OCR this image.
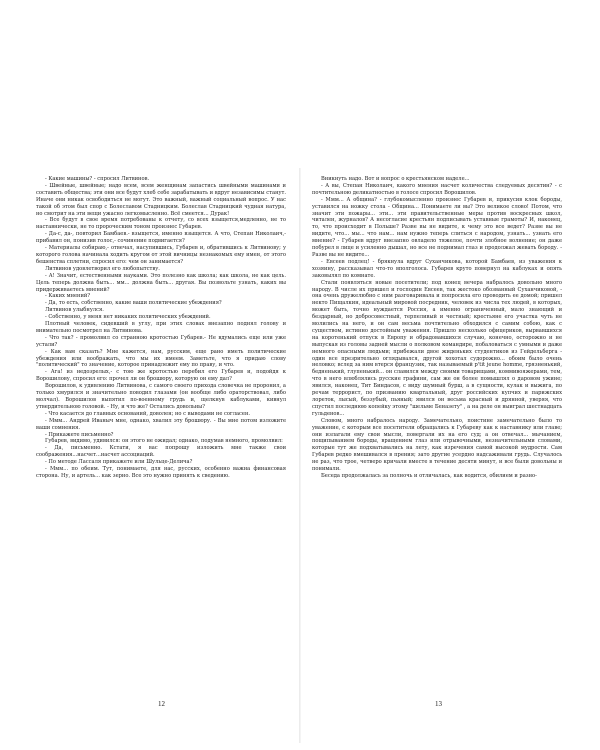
- Какие машины? - спросил Литвинов.

- Швейные, швейные; надо всем, всем женщинам запастись швейными машинами и составить общества; эти они все будут хлеб себе зарабатывать и вдруг независимы станут. Иначе они никак освободиться не могут. Это важный, важный социальный вопрос. У нас такой об этом был спор с Болеславом Стадницким. Болеслав Стадницкий чудная натура, но смотрит на эти вещи ужасно легкомысленно. Всё смеется... Дурак!

- Все будут в свое время потребованы к отчету, со всех взыщется,медленно, не то наставнически, не то пророческим тоном произнес Губарев.

- Да-с, да-, повторил Бамбаев.- взыщется, именно взыщется. А что, Степан Николаич,- прибавил он, понизив голос,- сочинение подвигается?

- Материалы собираю,- отвечал, насупившись, Губарев и, обратившись к Литвинову; у которого голова начинала ходить кругом от этой вичницы незнакомых ему имен, от этого бешенства сплетни, спросил его: чем он занимается?

Литвинов удовлетворил его любопытству.

- А! Значит, естественными науками. Это полезно как школа; как школа, не как цель. Цель теперь должна быть... мм... должна быть... другая. Вы позвольте узнать, каких вы придерживаетесь мнений?

- Каких мнений?

- Да, то есть, собственно, какие ваши политические убеждения?

Литвинов улыбнулся.

- Собственно, у меня нет никаких политических убеждений.

Плотный человек, сидевший в углу, при этих словах внезапно поднял голову и внимательно посмотрел на Литвинова.

- Что так? - промолвил со странною кротостью Губарев.- Не вдумались еще или уже устали?

- Как вам сказать? Мне кажется, нам, русским, еще рано иметь политические убеждения или воображать, что мы их имеем. Заметьте, что я придаю слову "политический" то значение, которое принадлежит ему по праву, и что.

- Ага! из недозрелых,- с тою же кротостью перебил его Губарев и, подойдя к Ворошилову, спросил его: прочел ли он брошюру, которую он ему дал?

Ворошилов, к удивлению Литвинова, с самого своего прихода словечка не проронил, а только хмурился и значительно поводил глазами (он вообще либо ораторствовал, либо молчал). Ворошилов выпятил по-военному грудь и, щелкнув каблуками, кивнул утвердительною головой. - Ну, и что же? Остались довольны?

- Что касается до главных оснований, доволен; но с выводами не согласен.

- Ммм... Андрей Иваныч мне, однако, хвалил эту брошюру. - Вы мне потом изложите ваши сомнения.

- Прикажете письменно?

Губарев, видимо, удивился: он этого не ожидал; однако, подумав немного, промолвил:

- Да, письменно. Кстати, я вас попрошу изложить мне также свои соображения...насчет...насчет ассоциаций.

- По методе Лассаля прикажете или Шульце-Делича?

- Ммм... по обеим. Тут, понимаете, для нас, русских, особенно важна финансовая сторона. Ну, и артель... как зерно. Все это нужно принять к сведению.

Вникнуть надо. Вот и вопрос о крестьянском наделе...

- А вы, Степан Николаич, какого мнения насчет количества следуемых десятин? - с почтительною деликатностью в голосе спросил Ворошилов.

- Ммм... А община? - глубокомысленно произнес Губарев и, прикусив клок бороды, уставился на ножку стола - Община... Понимаете ли вы? Это великое слово! Потом, что значит эти пожары... эти... эти правительственные меры против воскресных школ, читален, журналов? А несогласие крестьян подписывать уставные грамоты? И, наконец, то, что происходит в Польше? Разве вы не видите, к чему это все ведет? Разве вы не видите, что... мы... что нам... нам нужно теперь слиться с народом, узнать... узнать его мнение? - Губарев вдруг внезапно овладело тяжелое, почти злобное волнение; он даже побурел в лице и усиленно дышал, но все не поднимал глаз и продолжал жевать бороду. - Разве вы не видите...

- Евсеев подлец! - брякнула вдруг Суханчикова, которой Бамбаев, из уважения к хозяину, рассказывал что-то вполголоса. Губарев круто повернул на каблуках и опять заковылял по комнате.

Стали появляться новые посетители; под конец вечера набралось довольно много народу. В числе их пришел и господин Евсеев, так жестоко обозванный Суханчиковой, - она очень дружелюбно с ним разговаривала и попросила его проводить ее домой; пришел некто Пищалкин, идеальный мировой посредник, человек из числа тех людей, в которых, может быть, точно нуждается Россия, а именно ограниченный, мало знающий и бездарный, но добросовестный, терпеливый и честный; крестьяне его участка чуть не молились на него, и он сам весьма почтительно обходился с самим собою, как с существом, истинно достойным уважения. Пришло несколько офицериков, вырвавшихся на коротенький отпуск в Европу и обрадовавшихся случаю, конечно, осторожно и не выпуская из головы задней мысли о полковом командире, побаловаться с умными и даже немного опасными людьми; прибежали двое жиденьких студентиков из Гейдельберга - один все презрительно оглядывался, другой хохотал судорожно... обоим было очень неловко; вслед за ним втерся французик, так называемый p'tit jeune homme, грязненький, бедненький, глупенький... он славился между своими товарищами, коммивояжерами, тем, что в него влюблялись русские графини, сам же он более помышлял о даровом ужине; явился, наконец, Тит Биндасов, с виду шумный бурш, а в сущности, кулак и выжига, по речам террорист, по призванию квартальный, друг российских купчих и парижских лореток, лысый, беззубый, пьяный; явился он весьма красный и дрянной, уверяя, что спустил последнюю копейку этому "шельме Беназету" , а на деле он выиграл шестнадцать гульденов...

Словом, много набралось народу. Замечательно, поистине замечательно было то уважение, с которым все посетители обращались к Губареву как к наставнику или главе; они излагали ему свои мысли, повергали их на его суд; а он отвечал... мычанием, пощипыванием бороды, вращением глаз или отрывочными, незначительными словами, которые тут же подхватывались на лету, как изречения самой высокой мудрости. Сам Губарев редко вмешивался в прения; зато другие усердно надсаживали грудь. Случалось не раз, что трое, четверо кричали вместе в течение десяти минут, и все были довольны и понимали.

Беседа продолжалась за полночь и отличалась, как водится, обилием и разно-

12	13
